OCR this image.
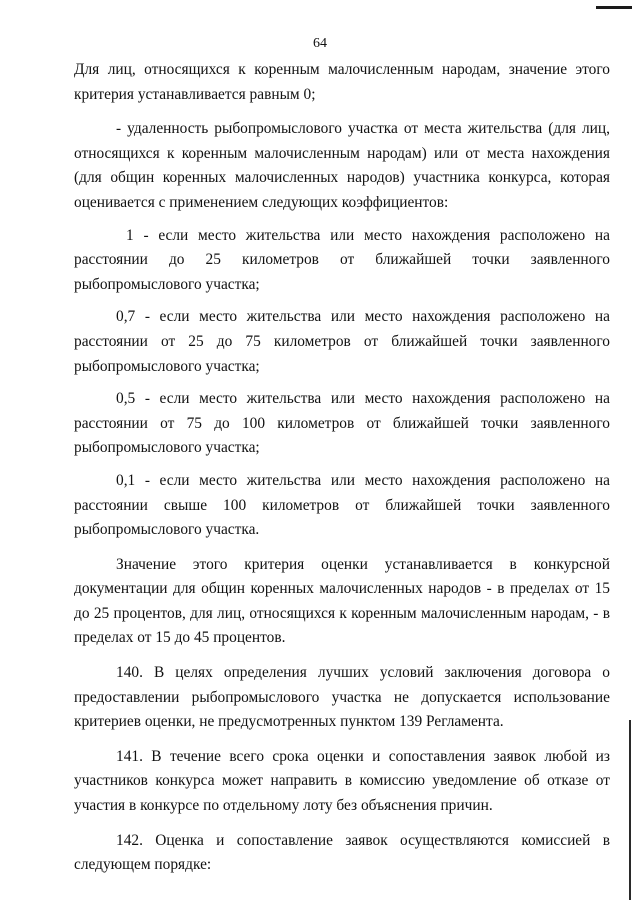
64

Для лиц, относящихся к коренным малочисленным народам, значение этого критерия устанавливается равным 0;

- удаленность рыбопромыслового участка от места жительства (для лиц, относящихся к коренным малочисленным народам) или от места нахождения (для общин коренных малочисленных народов) участника конкурса, которая оценивается с применением следующих коэффициентов:

1 - если место жительства или место нахождения расположено на расстоянии до 25 километров от ближайшей точки заявленного рыбопромыслового участка;

0,7 - если место жительства или место нахождения расположено на расстоянии от 25 до 75 километров от ближайшей точки заявленного рыбопромыслового участка;

0,5 - если место жительства или место нахождения расположено на расстоянии от 75 до 100 километров от ближайшей точки заявленного рыбопромыслового участка;

0,1 - если место жительства или место нахождения расположено на расстоянии свыше 100 километров от ближайшей точки заявленного рыбопромыслового участка.

Значение этого критерия оценки устанавливается в конкурсной документации для общин коренных малочисленных народов - в пределах от 15 до 25 процентов, для лиц, относящихся к коренным малочисленным народам, - в пределах от 15 до 45 процентов.

140. В целях определения лучших условий заключения договора о предоставлении рыбопромыслового участка не допускается использование критериев оценки, не предусмотренных пунктом 139 Регламента.

141. В течение всего срока оценки и сопоставления заявок любой из участников конкурса может направить в комиссию уведомление об отказе от участия в конкурсе по отдельному лоту без объяснения причин.

142. Оценка и сопоставление заявок осуществляются комиссией в следующем порядке:
